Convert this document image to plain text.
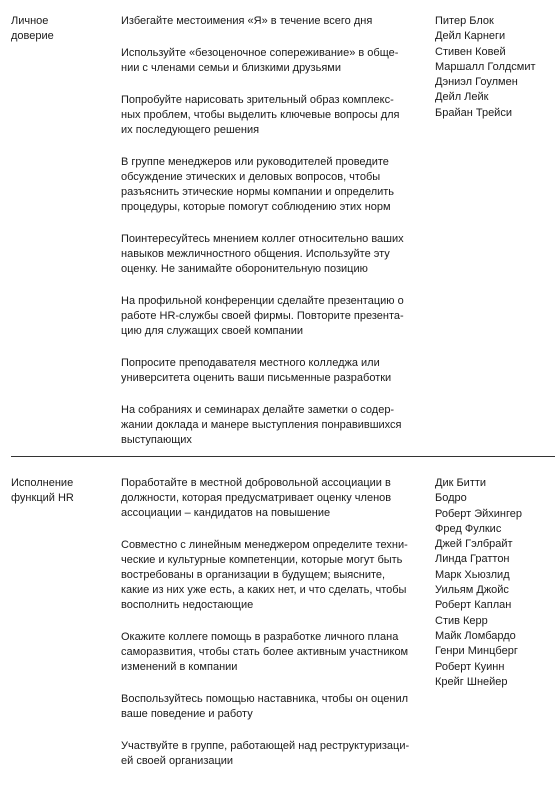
Личное
доверие

Избегайте местоимения «Я» в течение всего дня

Используйте «безоценочное сопереживание» в обще-
нии с членами семьи и близкими друзьями

Попробуйте нарисовать зрительный образ комплекс-
ных проблем, чтобы выделить ключевые вопросы для
их последующего решения

В группе менеджеров или руководителей проведите
обсуждение этических и деловых вопросов, чтобы
разъяснить этические нормы компании и определить
процедуры, которые помогут соблюдению этих норм

Поинтересуйтесь мнением коллег относительно ваших
навыков межличностного общения. Используйте эту
оценку. Не занимайте оборонительную позицию

На профильной конференции сделайте презентацию о
работе HR-службы своей фирмы. Повторите презента-
цию для служащих своей компании

Попросите преподавателя местного колледжа или
университета оценить ваши письменные разработки

На собраниях и семинарах делайте заметки о содер-
жании доклада и манере выступления понравившихся
выступающих

Питер Блок
Дейл Карнеги
Стивен Ковей
Маршалл Голдсмит
Дэниэл Гоулмен
Дейл Лейк
Брайан Трейси
Исполнение
функций HR

Поработайте в местной добровольной ассоциации в
должности, которая предусматривает оценку членов
ассоциации – кандидатов на повышение

Совместно с линейным менеджером определите техни-
ческие и культурные компетенции, которые могут быть
востребованы в организации в будущем; выясните,
какие из них уже есть, а каких нет, и что сделать, чтобы
восполнить недостающие

Окажите коллеге помощь в разработке личного плана
саморазвития, чтобы стать более активным участником
изменений в компании

Воспользуйтесь помощью наставника, чтобы он оценил
ваше поведение и работу

Участвуйте в группе, работающей над реструктуризаци-
ей своей организации

Дик Битти
Бодро
Роберт Эйхингер
Фред Фулкис
Джей Гэлбрайт
Линда Граттон
Марк Хьюзлид
Уильям Джойс
Роберт Каплан
Стив Керр
Майк Ломбардо
Генри Минцберг
Роберт Куинн
Крейг Шнейер
